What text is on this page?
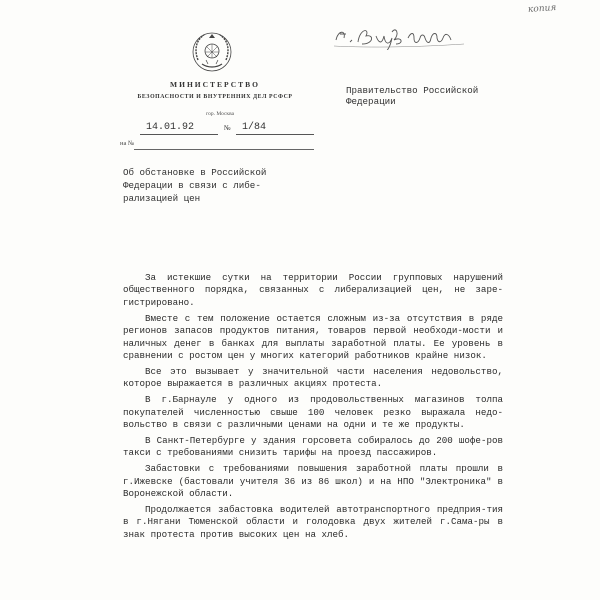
копия
МИНИСТЕРСТВО
БЕЗОПАСНОСТИ И ВНУТРЕННИХ ДЕЛ РСФСР
гор. Москва
14.01.92	№ 1/84
на №
Правительство Российской
Федерации
Об обстановке в Российской
Федерации в связи с либе-
рализацией цен

За истекшие сутки на территории России групповых нарушений общественного порядка, связанных с либерализацией цен, не заре-гистрировано.

Вместе с тем положение остается сложным из-за отсутствия в ряде регионов запасов продуктов питания, товаров первой необходи-мости и наличных денег в банках для выплаты заработной платы. Ее уровень в сравнении с ростом цен у многих категорий работников крайне низок.

Все это вызывает у значительной части населения недовольство, которое выражается в различных акциях протеста.

В г.Барнауле у одного из продовольственных магазинов толпа покупателей численностью свыше 100 человек резко выражала недо-вольство в связи с различными ценами на одни и те же продукты.

В Санкт-Петербурге у здания горсовета собиралось до 200 шофе-ров такси с требованиями снизить тарифы на проезд пассажиров.

Забастовки с требованиями повышения заработной платы прошли в г.Ижевске (бастовали учителя 36 из 86 школ) и на НПО "Электроника" в Воронежской области.

Продолжается забастовка водителей автотранспортного предприя-тия в г.Нягани Тюменской области и голодовка двух жителей г.Сама-ры в знак протеста против высоких цен на хлеб.
